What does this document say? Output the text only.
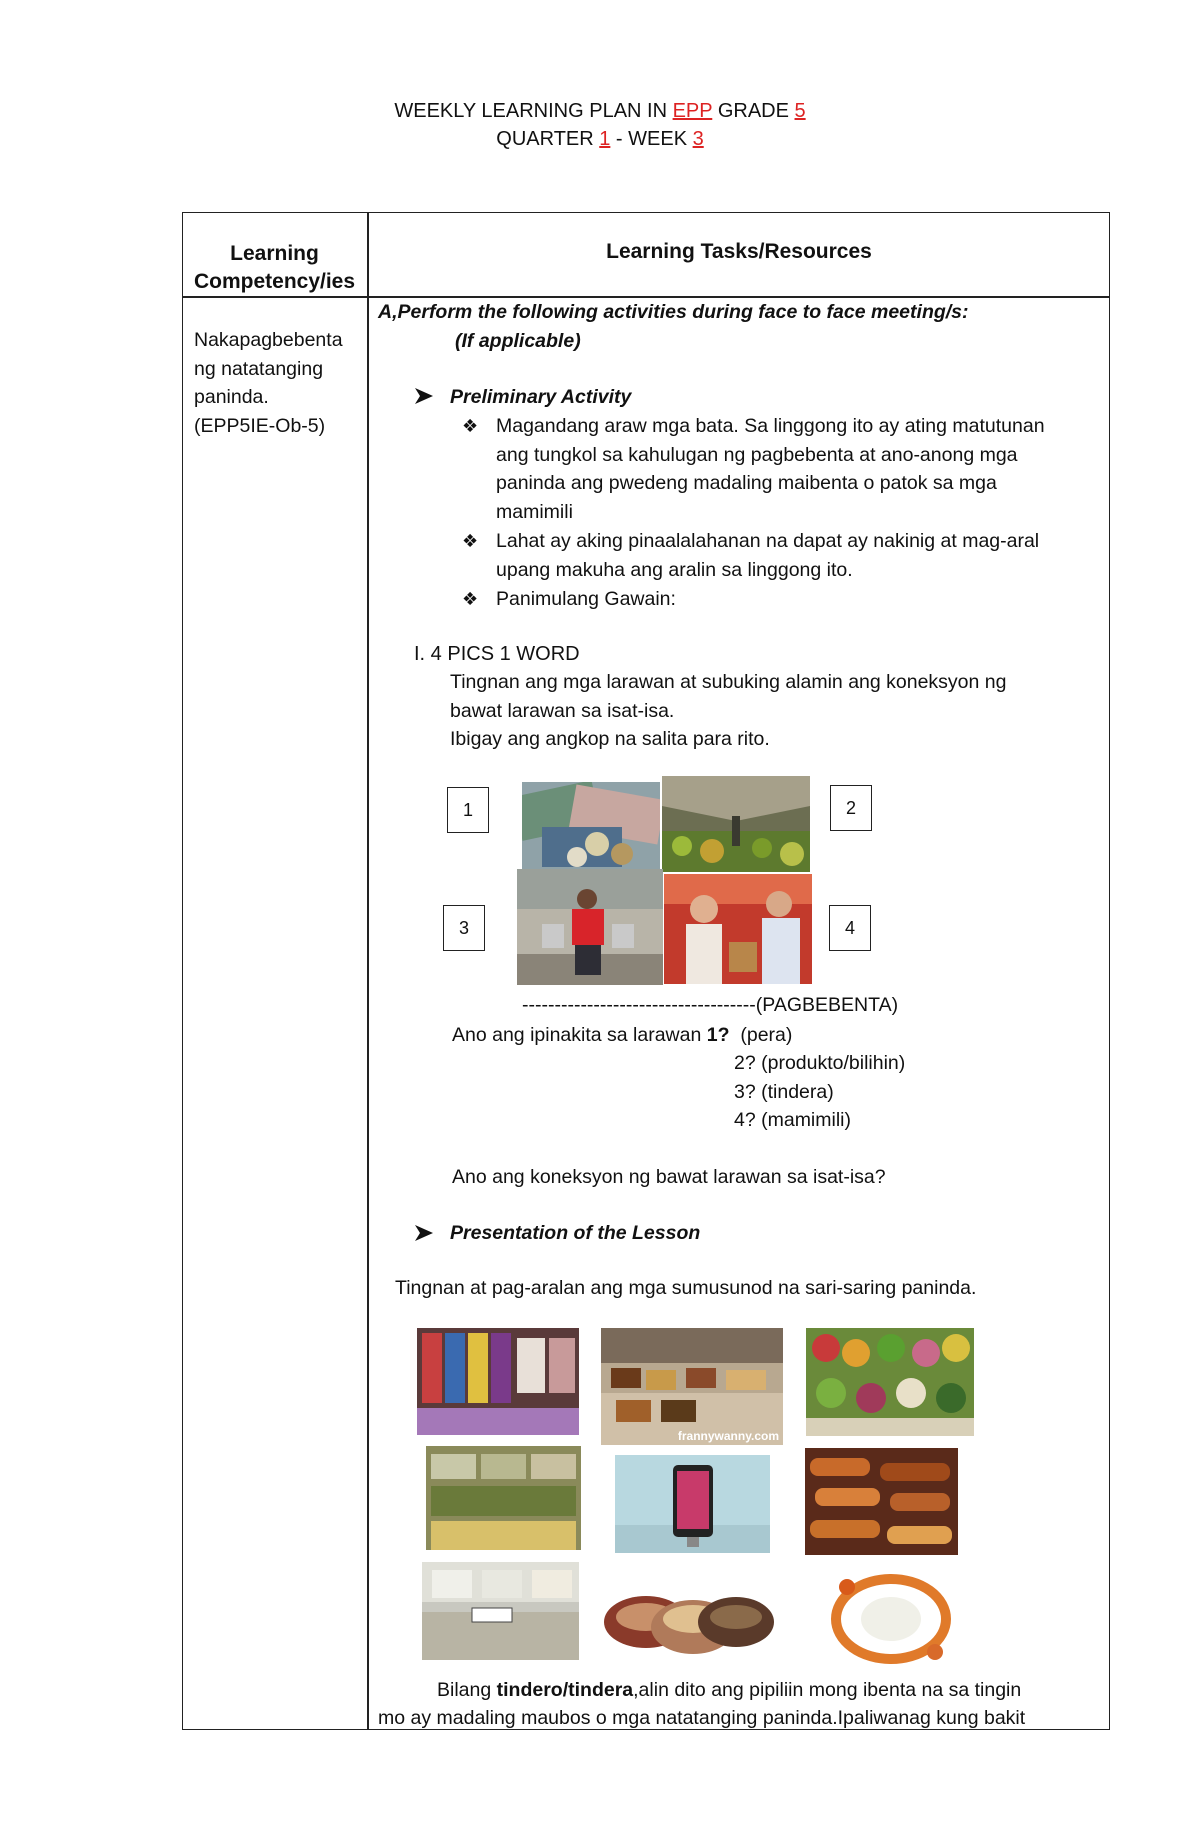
WEEKLY LEARNING PLAN IN EPP GRADE 5
QUARTER 1 - WEEK 3
Learning
Competency/ies
Learning Tasks/Resources
Nakapagbebenta
ng natatanging
paninda.
(EPP5IE-Ob-5)
A,Perform the following activities during face to face meeting/s:
(If applicable)
Preliminary Activity
❖ Magandang araw mga bata. Sa linggong ito ay ating matutunan
ang tungkol sa kahulugan ng pagbebenta at ano-anong mga
paninda ang pwedeng madaling maibenta o patok sa mga
mamimili
❖ Lahat ay aking pinaalalahanan na dapat ay nakinig at mag-aral
upang makuha ang aralin sa linggong ito.
❖ Panimulang Gawain:
I. 4 PICS 1 WORD
Tingnan ang mga larawan at subuking alamin ang koneksyon ng
bawat larawan sa isat-isa.
Ibigay ang angkop na salita para rito.
1	2
3	4
------------------------------------(PAGBEBENTA)
Ano ang ipinakita sa larawan 1? (pera)
2? (produkto/bilihin)
3? (tindera)
4? (mamimili)
Ano ang koneksyon ng bawat larawan sa isat-isa?
Presentation of the Lesson
Tingnan at pag-aralan ang mga sumusunod na sari-saring paninda.
frannywanny.com
Bilang tindero/tindera,alin dito ang pipiliin mong ibenta na sa tingin
mo ay madaling maubos o mga natatanging paninda.Ipaliwanag kung bakit
